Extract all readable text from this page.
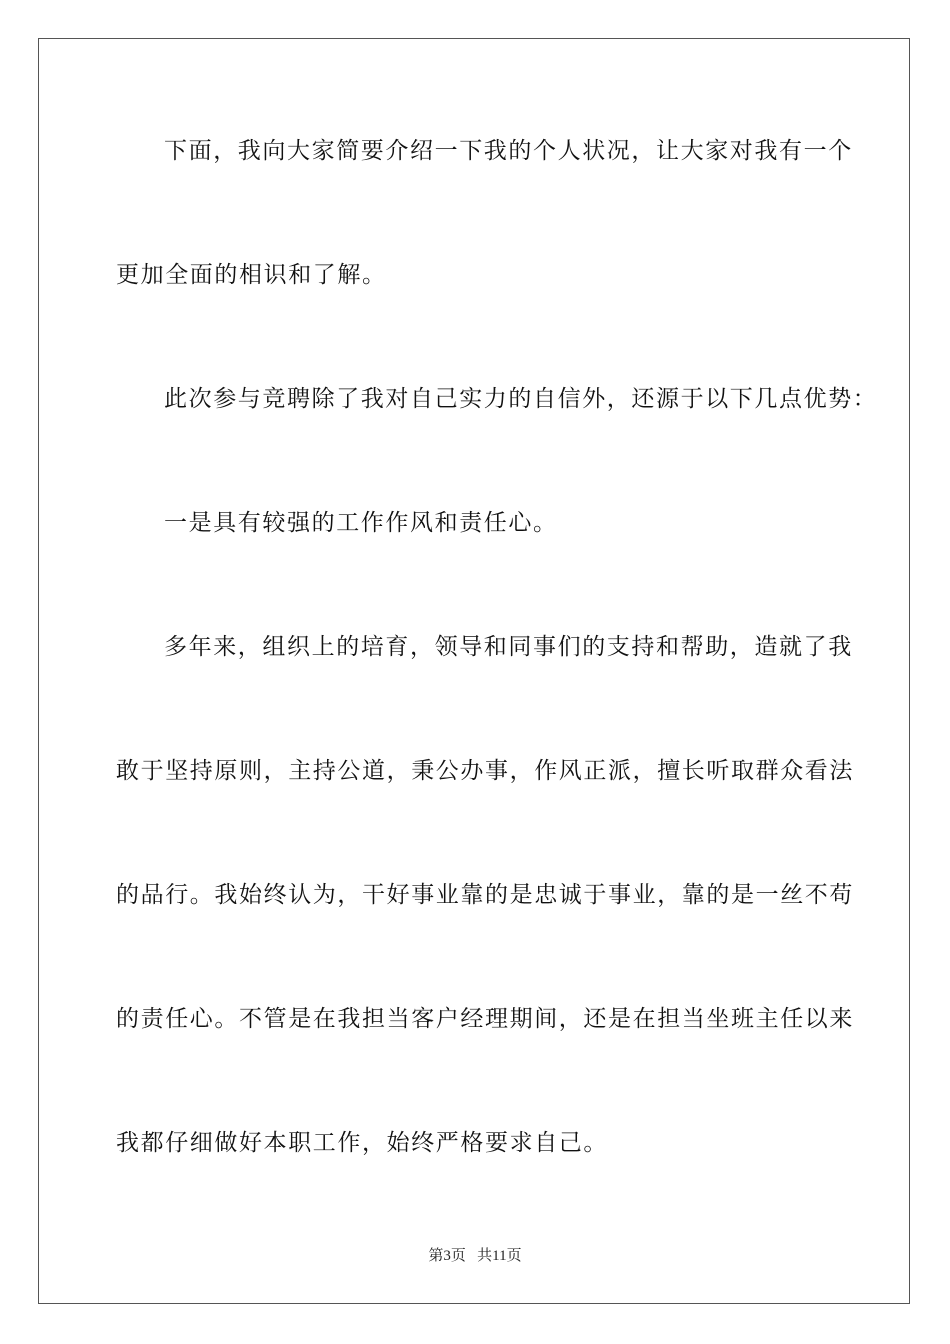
下面，我向大家简要介绍一下我的个人状况，让大家对我有一个
更加全面的相识和了解。
此次参与竞聘除了我对自己实力的自信外，还源于以下几点优势：
一是具有较强的工作作风和责任心。
多年来，组织上的培育，领导和同事们的支持和帮助，造就了我
敢于坚持原则，主持公道，秉公办事，作风正派，擅长听取群众看法
的品行。我始终认为，干好事业靠的是忠诚于事业，靠的是一丝不苟
的责任心。不管是在我担当客户经理期间，还是在担当坐班主任以来
我都仔细做好本职工作，始终严格要求自己。
第3页 共11页
